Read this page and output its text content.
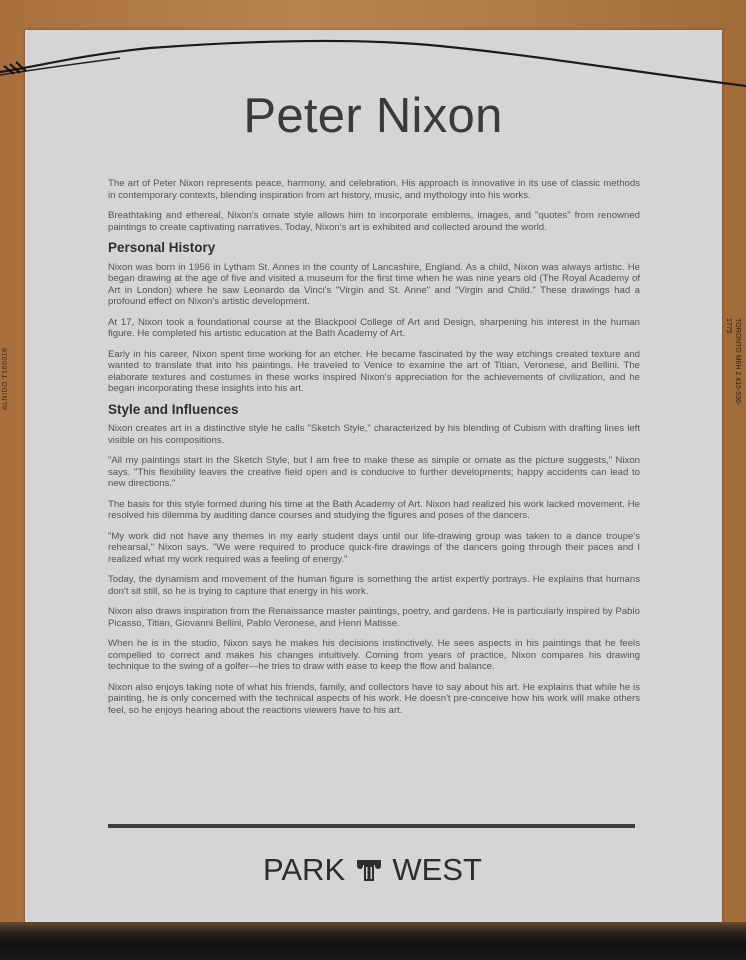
ALNIDO T166016	TORONTO M6H 2 416-536-1775
Peter Nixon

The art of Peter Nixon represents peace, harmony, and celebration. His approach is innovative in its use of classic methods in contemporary contexts, blending inspiration from art history, music, and mythology into his works.

Breathtaking and ethereal, Nixon's ornate style allows him to incorporate emblems, images, and "quotes" from renowned paintings to create captivating narratives. Today, Nixon's art is exhibited and collected around the world.

Personal History

Nixon was born in 1956 in Lytham St. Annes in the county of Lancashire, England. As a child, Nixon was always artistic. He began drawing at the age of five and visited a museum for the first time when he was nine years old (The Royal Academy of Art in London) where he saw Leonardo da Vinci's "Virgin and St. Anne" and "Virgin and Child." These drawings had a profound effect on Nixon's artistic development.

At 17, Nixon took a foundational course at the Blackpool College of Art and Design, sharpening his interest in the human figure. He completed his artistic education at the Bath Academy of Art.

Early in his career, Nixon spent time working for an etcher. He became fascinated by the way etchings created texture and wanted to translate that into his paintings. He traveled to Venice to examine the art of Titian, Veronese, and Bellini. The elaborate textures and costumes in these works inspired Nixon's appreciation for the achievements of civilization, and he began incorporating these insights into his art.

Style and Influences

Nixon creates art in a distinctive style he calls "Sketch Style," characterized by his blending of Cubism with drafting lines left visible on his compositions.

"All my paintings start in the Sketch Style, but I am free to make these as simple or ornate as the picture suggests," Nixon says. "This flexibility leaves the creative field open and is conducive to further developments; happy accidents can lead to new directions."

The basis for this style formed during his time at the Bath Academy of Art. Nixon had realized his work lacked movement. He resolved his dilemma by auditing dance courses and studying the figures and poses of the dancers.

"My work did not have any themes in my early student days until our life-drawing group was taken to a dance troupe's rehearsal," Nixon says. "We were required to produce quick-fire drawings of the dancers going through their paces and I realized what my work required was a feeling of energy."

Today, the dynamism and movement of the human figure is something the artist expertly portrays. He explains that humans don't sit still, so he is trying to capture that energy in his work.

Nixon also draws inspiration from the Renaissance master paintings, poetry, and gardens. He is particularly inspired by Pablo Picasso, Titian, Giovanni Bellini, Pablo Veronese, and Henri Matisse.

When he is in the studio, Nixon says he makes his decisions instinctively. He sees aspects in his paintings that he feels compelled to correct and makes his changes intuitively. Coming from years of practice, Nixon compares his drawing technique to the swing of a golfer—he tries to draw with ease to keep the flow and balance.

Nixon also enjoys taking note of what his friends, family, and collectors have to say about his art. He explains that while he is painting, he is only concerned with the technical aspects of his work. He doesn't pre-conceive how his work will make others feel, so he enjoys hearing about the reactions viewers have to his art.

PARK WEST
